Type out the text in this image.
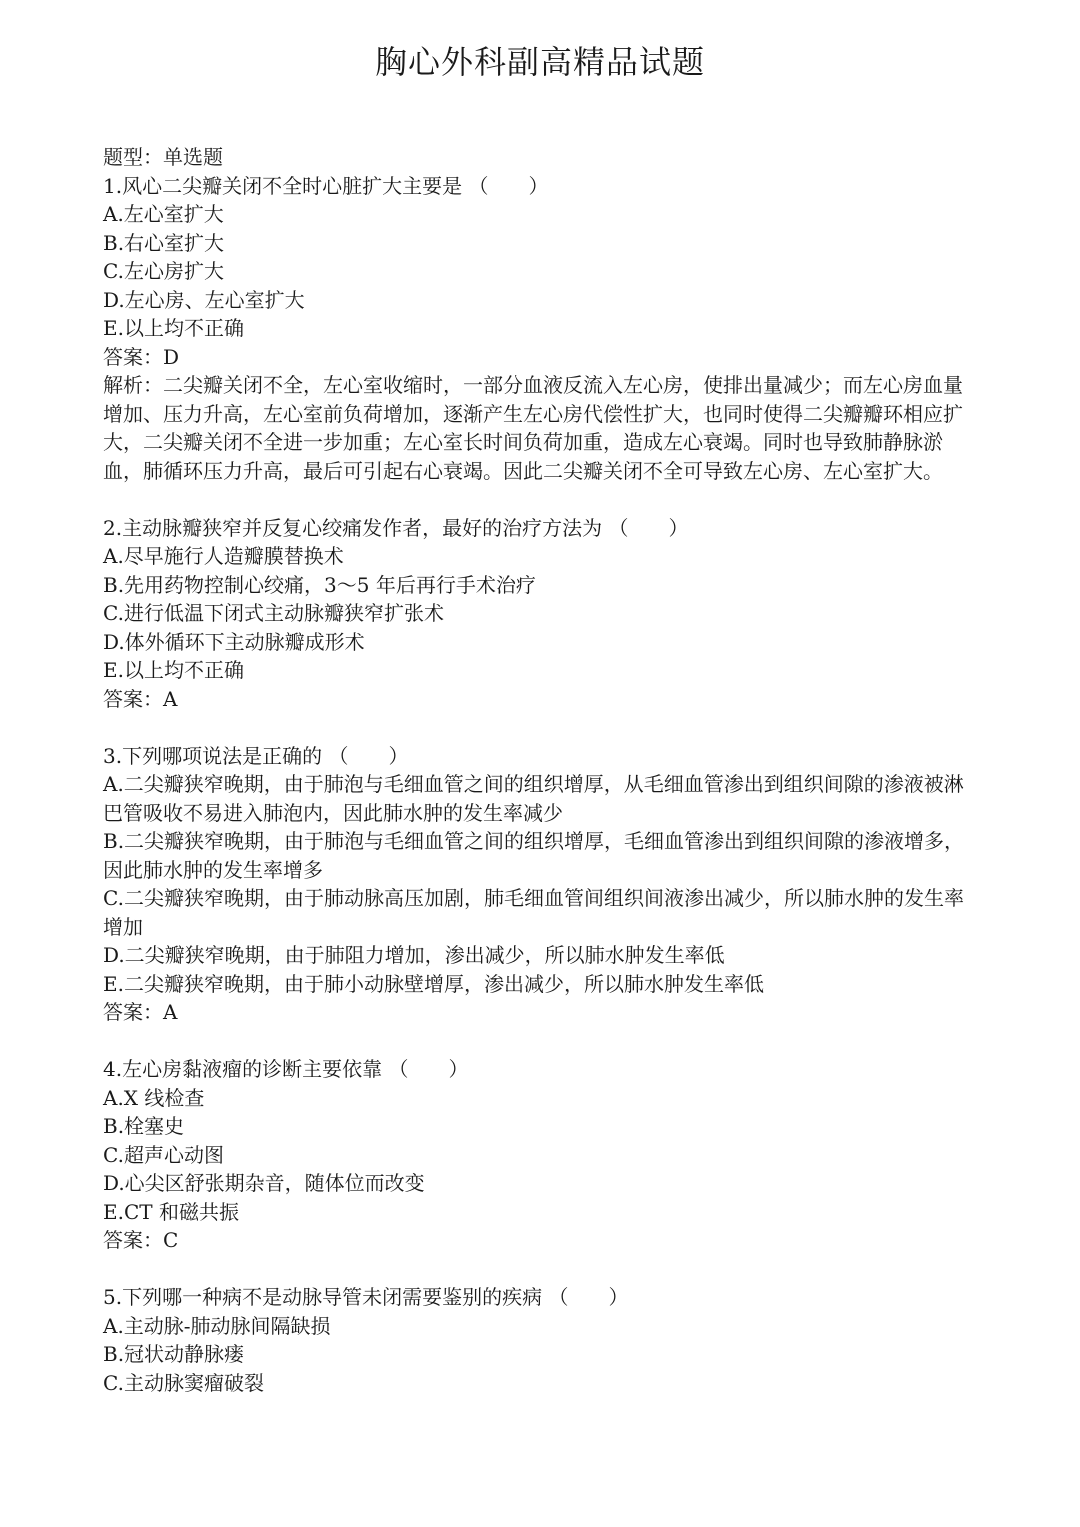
胸心外科副高精品试题

题型：单选题

1.风心二尖瓣关闭不全时心脏扩大主要是 （　　）

A.左心室扩大

B.右心室扩大

C.左心房扩大

D.左心房、左心室扩大

E.以上均不正确

答案：D

解析：二尖瓣关闭不全，左心室收缩时，一部分血液反流入左心房，使排出量减少；而左心房血量增加、压力升高，左心室前负荷增加，逐渐产生左心房代偿性扩大，也同时使得二尖瓣瓣环相应扩大，二尖瓣关闭不全进一步加重；左心室长时间负荷加重，造成左心衰竭。同时也导致肺静脉淤血，肺循环压力升高，最后可引起右心衰竭。因此二尖瓣关闭不全可导致左心房、左心室扩大。

2.主动脉瓣狭窄并反复心绞痛发作者，最好的治疗方法为 （　　）

A.尽早施行人造瓣膜替换术

B.先用药物控制心绞痛，3～5 年后再行手术治疗

C.进行低温下闭式主动脉瓣狭窄扩张术

D.体外循环下主动脉瓣成形术

E.以上均不正确

答案：A

3.下列哪项说法是正确的 （　　）

A.二尖瓣狭窄晚期，由于肺泡与毛细血管之间的组织增厚，从毛细血管渗出到组织间隙的渗液被淋巴管吸收不易进入肺泡内，因此肺水肿的发生率减少

B.二尖瓣狭窄晚期，由于肺泡与毛细血管之间的组织增厚，毛细血管渗出到组织间隙的渗液增多，因此肺水肿的发生率增多

C.二尖瓣狭窄晚期，由于肺动脉高压加剧，肺毛细血管间组织间液渗出减少，所以肺水肿的发生率增加

D.二尖瓣狭窄晚期，由于肺阻力增加，渗出减少，所以肺水肿发生率低

E.二尖瓣狭窄晚期，由于肺小动脉壁增厚，渗出减少，所以肺水肿发生率低

答案：A

4.左心房黏液瘤的诊断主要依靠 （　　）

A.X 线检查

B.栓塞史

C.超声心动图

D.心尖区舒张期杂音，随体位而改变

E.CT 和磁共振

答案：C

5.下列哪一种病不是动脉导管未闭需要鉴别的疾病 （　　）

A.主动脉-肺动脉间隔缺损

B.冠状动静脉瘘

C.主动脉窦瘤破裂
